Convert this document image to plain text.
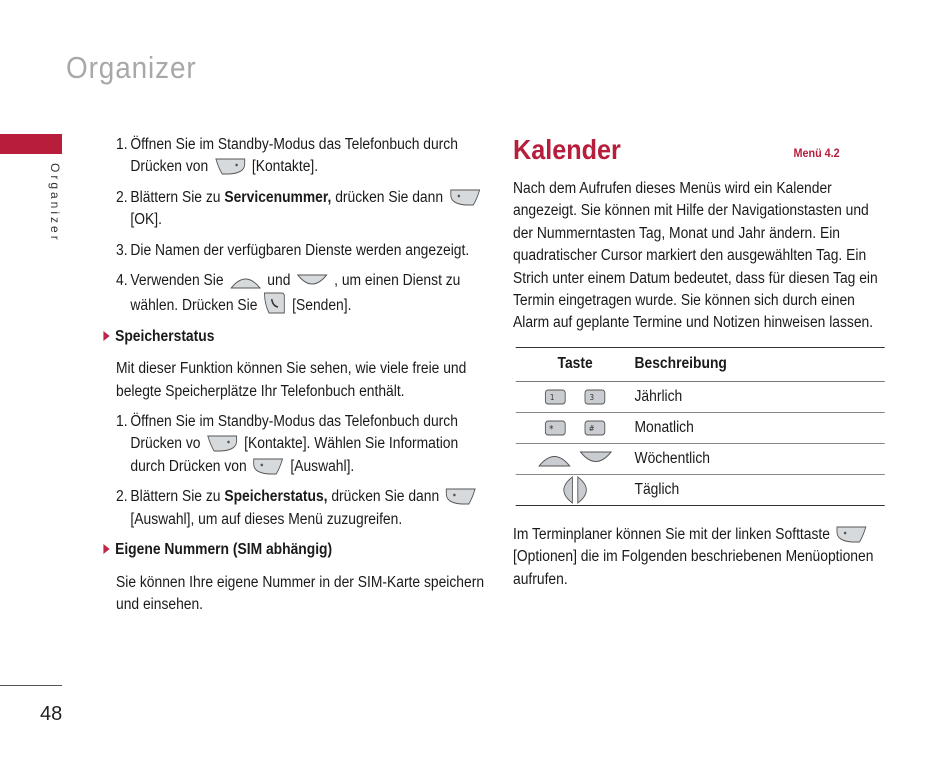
Organizer
Organizer
48
1. Öffnen Sie im Standby-Modus das Telefonbuch durch Drücken von	[Kontakte].
2. Blättern Sie zu Servicenummer, drücken Sie dann  [OK].
3. Die Namen der verfügbaren Dienste werden angezeigt.
4. Verwenden Sie	und	, um einen Dienst zu wählen. Drücken Sie [Senden].
Speicherstatus

Mit dieser Funktion können Sie sehen, wie viele freie und belegte Speicherplätze Ihr Telefonbuch enthält.

1. Öffnen Sie im Standby-Modus das Telefonbuch durch Drücken vo	[Kontakte]. Wählen Sie Information durch Drücken von	[Auswahl].
2. Blättern Sie zu Speicherstatus, drücken Sie dann  [Auswahl], um auf dieses Menü zuzugreifen.
Eigene Nummern (SIM abhängig)

Sie können Ihre eigene Nummer in der SIM-Karte speichern und einsehen.

Kalender	Menü 4.2

Nach dem Aufrufen dieses Menüs wird ein Kalender angezeigt. Sie können mit Hilfe der Navigationstasten und der Nummerntasten Tag, Monat und Jahr ändern. Ein quadratischer Cursor markiert den ausgewählten Tag. Ein Strich unter einem Datum bedeutet, dass für diesen Tag ein Termin eingetragen wurde. Sie können sich durch einen Alarm auf geplante Termine und Notizen hinweisen lassen.

Taste	Beschreibung

1 3	Jährlich

* #	Monatlich
	Wöchentlich
	Täglich

Im Terminplaner können Sie mit der linken Softtaste  [Optionen] die im Folgenden beschriebenen Menüoptionen aufrufen.
